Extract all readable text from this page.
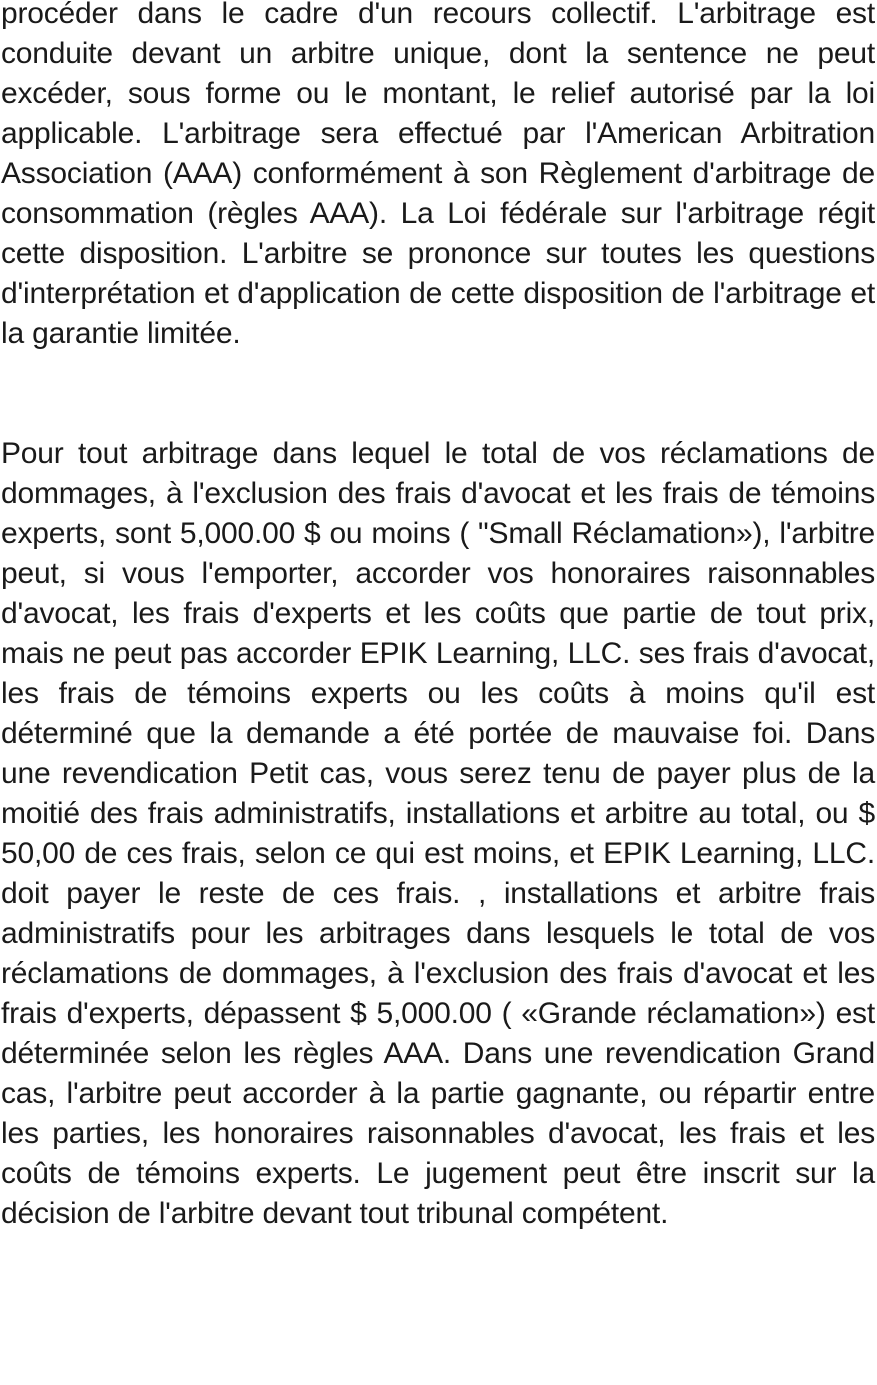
procéder dans le cadre d'un recours collectif. L'arbitrage est conduite devant un arbitre unique, dont la sentence ne peut excéder, sous forme ou le montant, le relief autorisé par la loi applicable. L'arbitrage sera effectué par l'American Arbitration Association (AAA) conformément à son Règlement d'arbitrage de consommation (règles AAA). La Loi fédérale sur l'arbitrage régit cette disposition. L'arbitre se prononce sur toutes les questions d'interprétation et d'application de cette disposition de l'arbitrage et la garantie limitée.

Pour tout arbitrage dans lequel le total de vos réclamations de dommages, à l'exclusion des frais d'avocat et les frais de témoins experts, sont 5,000.00 $ ou moins ( "Small Réclamation»), l'arbitre peut, si vous l'emporter, accorder vos honoraires raisonnables d'avocat, les frais d'experts et les coûts que partie de tout prix, mais ne peut pas accorder EPIK Learning, LLC. ses frais d'avocat, les frais de témoins experts ou les coûts à moins qu'il est déterminé que la demande a été portée de mauvaise foi. Dans une revendication Petit cas, vous serez tenu de payer plus de la moitié des frais administratifs, installations et arbitre au total, ou $ 50,00 de ces frais, selon ce qui est moins, et EPIK Learning, LLC. doit payer le reste de ces frais. , installations et arbitre frais administratifs pour les arbitrages dans lesquels le total de vos réclamations de dommages, à l'exclusion des frais d'avocat et les frais d'experts, dépassent $ 5,000.00 ( «Grande réclamation») est déterminée selon les règles AAA. Dans une revendication Grand cas, l'arbitre peut accorder à la partie gagnante, ou répartir entre les parties, les honoraires raisonnables d'avocat, les frais et les coûts de témoins experts. Le jugement peut être inscrit sur la décision de l'arbitre devant tout tribunal compétent.
